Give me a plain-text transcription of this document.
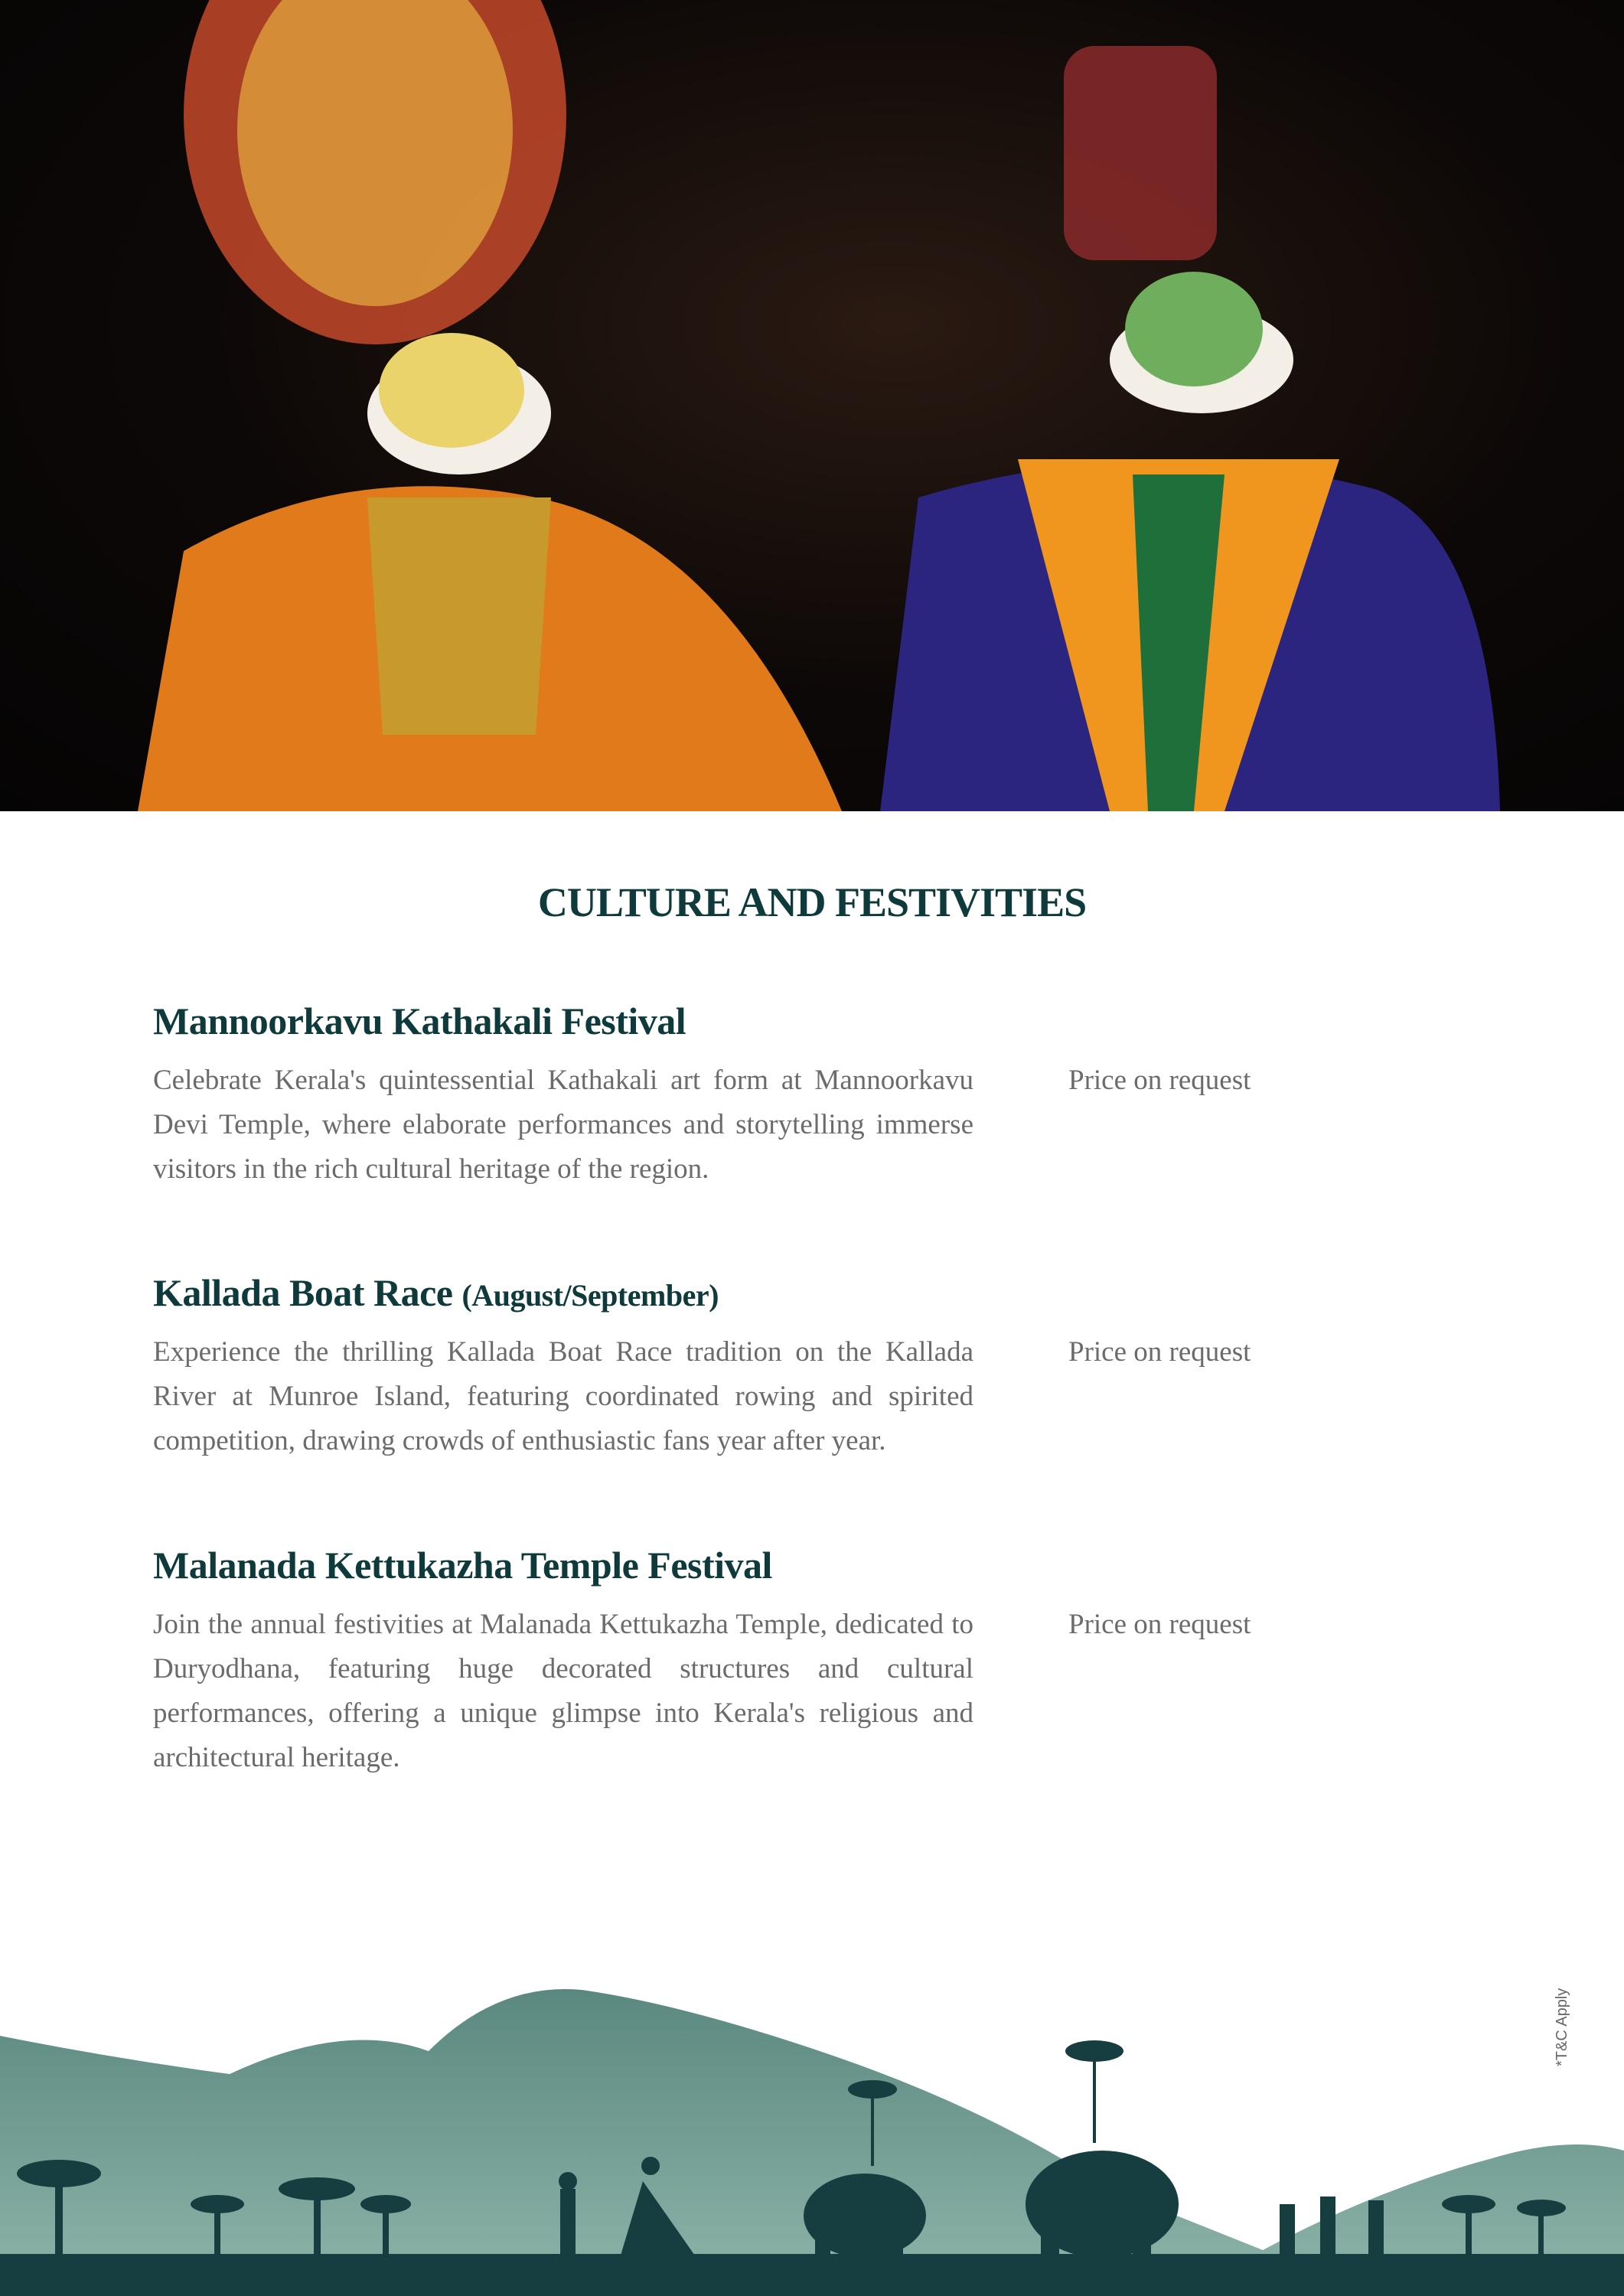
CULTURE AND FESTIVITIES
Mannoorkavu Kathakali Festival
Celebrate Kerala's quintessential Kathakali art form at Mannoorkavu Devi Temple, where elaborate performances and storytelling immerse visitors in the rich cultural heritage of the region.
Price on request
Kallada Boat Race (August/September)
Experience the thrilling Kallada Boat Race tradition on the Kallada River at Munroe Island, featuring coordinated rowing and spirited competition, drawing crowds of enthusiastic fans year after year.
Price on request
Malanada Kettukazha Temple Festival
Join the annual festivities at Malanada Kettukazha Temple, dedicated to Duryodhana, featuring huge decorated structures and cultural performances, offering a unique glimpse into Kerala's religious and architectural heritage.
Price on request
*T&C Apply
